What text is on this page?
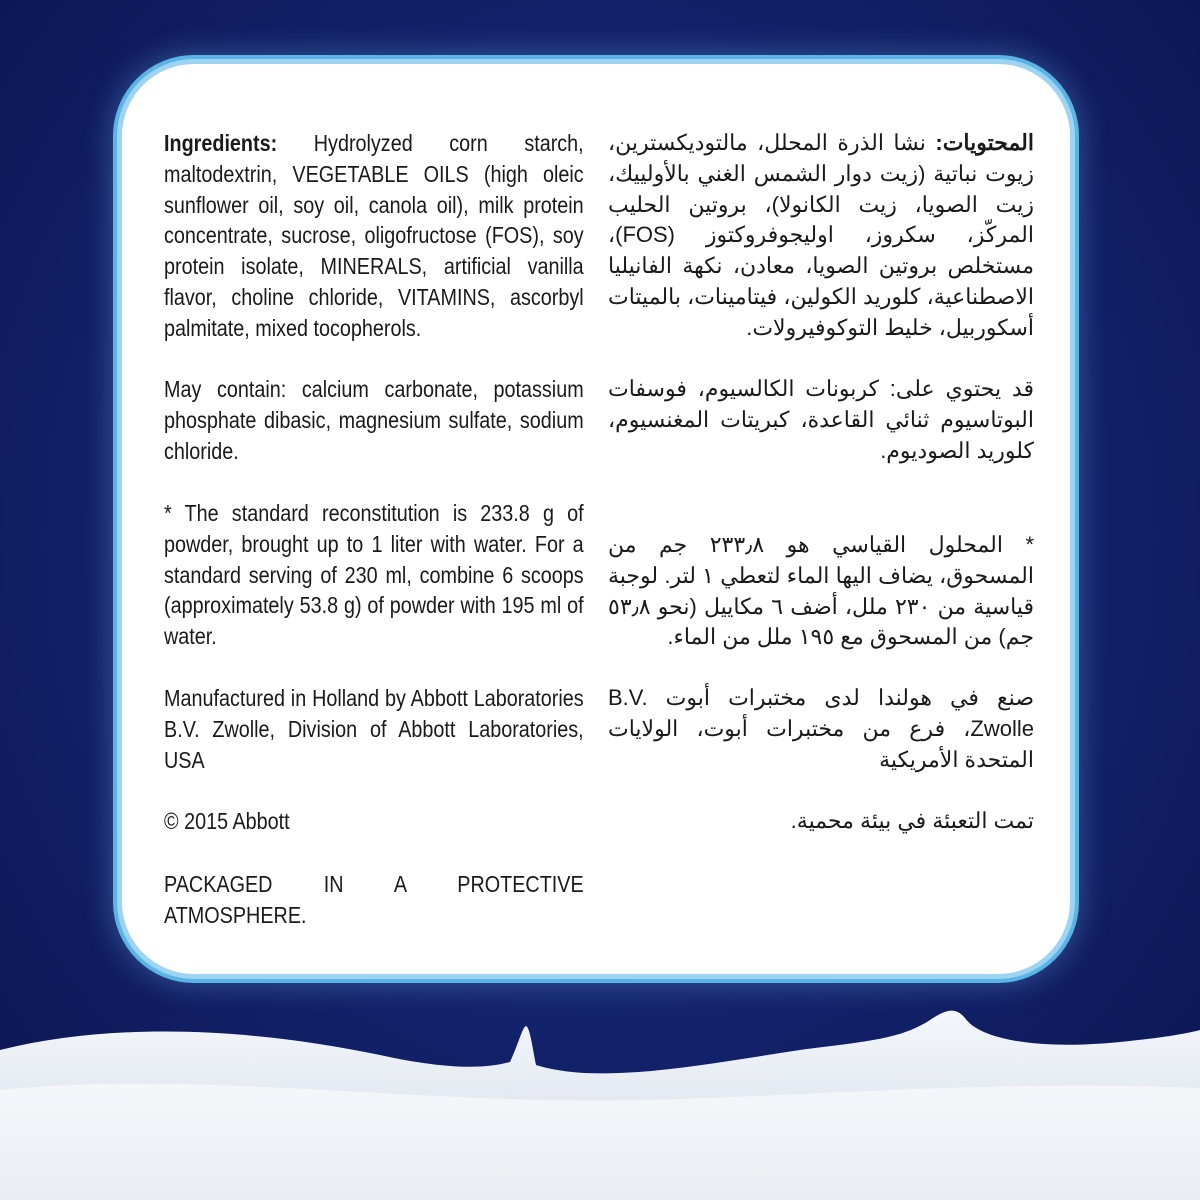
Ingredients: Hydrolyzed corn starch, maltodextrin, VEGETABLE OILS (high oleic sunflower oil, soy oil, canola oil), milk protein concentrate, sucrose, oligofructose (FOS), soy protein isolate, MINERALS, artificial vanilla flavor, choline chloride, VITAMINS, ascorbyl palmitate, mixed tocopherols.

May contain: calcium carbonate, potassium phosphate dibasic, magnesium sulfate, sodium chloride.

* The standard reconstitution is 233.8 g of powder, brought up to 1 liter with water. For a standard serving of 230 ml, combine 6 scoops (approximately 53.8 g) of powder with 195 ml of water.

Manufactured in Holland by Abbott Laboratories B.V. Zwolle, Division of Abbott Laboratories, USA

© 2015 Abbott

PACKAGED IN A PROTECTIVE ATMOSPHERE.

المحتويات: نشا الذرة المحلل، مالتوديكسترين، زيوت نباتية (زيت دوار الشمس الغني بالأولييك، زيت الصويا، زيت الكانولا)، بروتين الحليب المركّز، سكروز، اوليجوفروكتوز (FOS)، مستخلص بروتين الصويا، معادن، نكهة الفانيليا الاصطناعية، كلوريد الكولين، فيتامينات، بالميتات أسكوربيل، خليط التوكوفيرولات.

قد يحتوي على: كربونات الكالسيوم، فوسفات البوتاسيوم ثنائي القاعدة، كبريتات المغنسيوم، كلوريد الصوديوم.

* المحلول القياسي هو ٢٣٣٫٨ جم من المسحوق، يضاف اليها الماء لتعطي ١ لتر. لوجبة قياسية من ٢٣٠ ملل، أضف ٦ مكاييل (نحو ٥٣٫٨ جم) من المسحوق مع ١٩٥ ملل من الماء.

صنع في هولندا لدى مختبرات أبوت B.V. Zwolle، فرع من مختبرات أبوت، الولايات المتحدة الأمريكية

تمت التعبئة في بيئة محمية.
